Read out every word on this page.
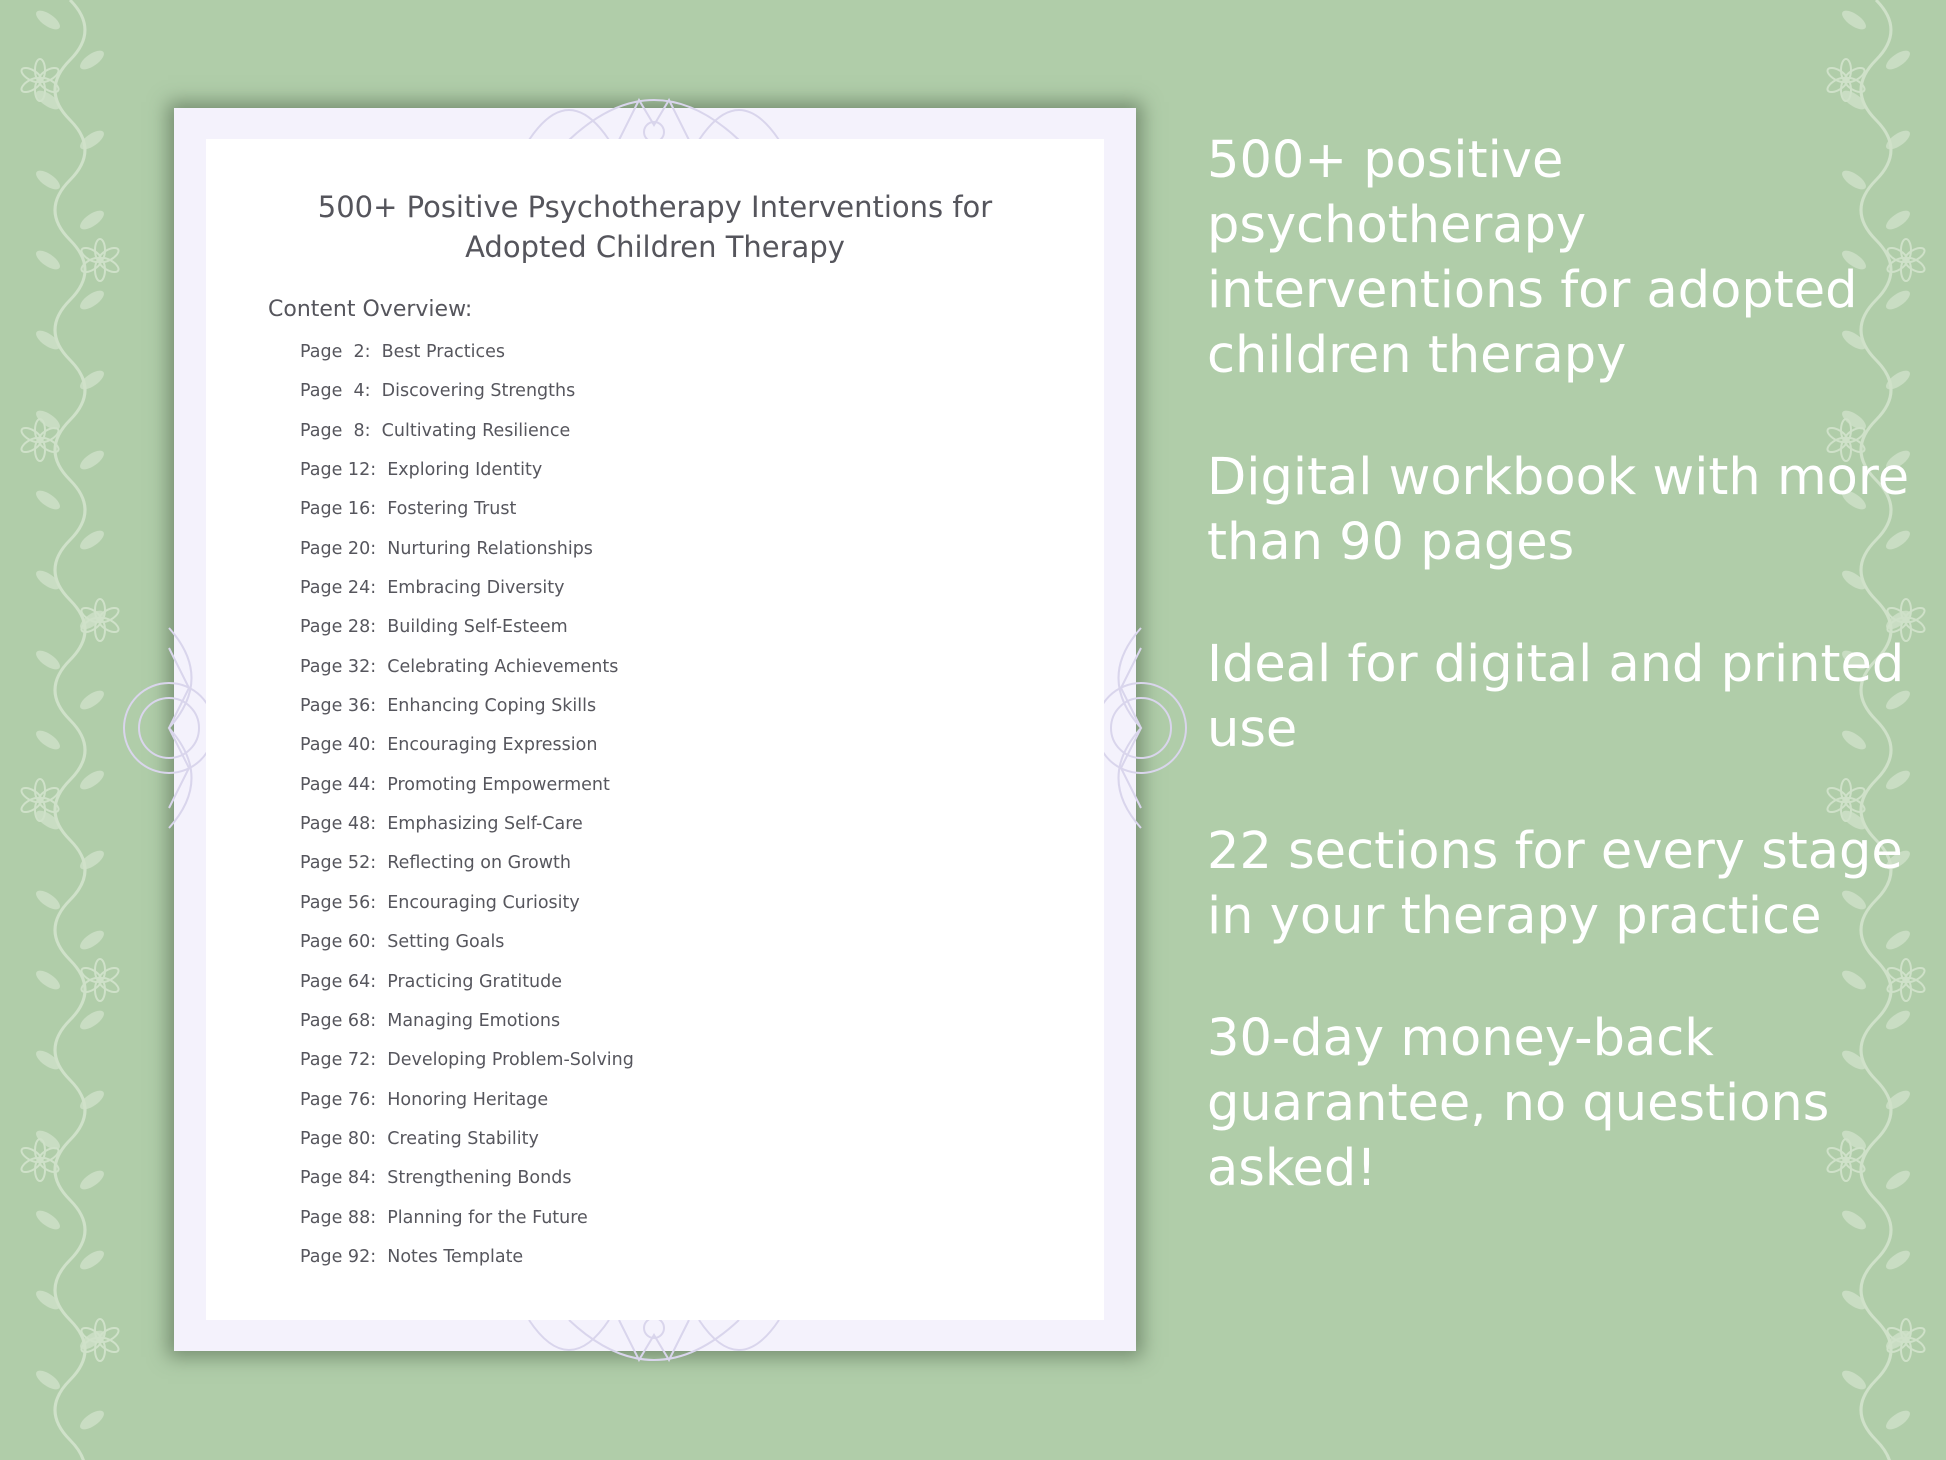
500+ Positive Psychotherapy Interventions for
Adopted Children Therapy
Content Overview:
Page  2: Best Practices
Page  4: Discovering Strengths
Page  8: Cultivating Resilience
Page 12: Exploring Identity
Page 16: Fostering Trust
Page 20: Nurturing Relationships
Page 24: Embracing Diversity
Page 28: Building Self-Esteem
Page 32: Celebrating Achievements
Page 36: Enhancing Coping Skills
Page 40: Encouraging Expression
Page 44: Promoting Empowerment
Page 48: Emphasizing Self-Care
Page 52: Reflecting on Growth
Page 56: Encouraging Curiosity
Page 60: Setting Goals
Page 64: Practicing Gratitude
Page 68: Managing Emotions
Page 72: Developing Problem-Solving
Page 76: Honoring Heritage
Page 80: Creating Stability
Page 84: Strengthening Bonds
Page 88: Planning for the Future
Page 92: Notes Template
500+ positive psychotherapy interventions for adopted children therapy
Digital workbook with more than 90 pages
Ideal for digital and printed use
22 sections for every stage in your therapy practice
30-day money-back guarantee, no questions asked!
